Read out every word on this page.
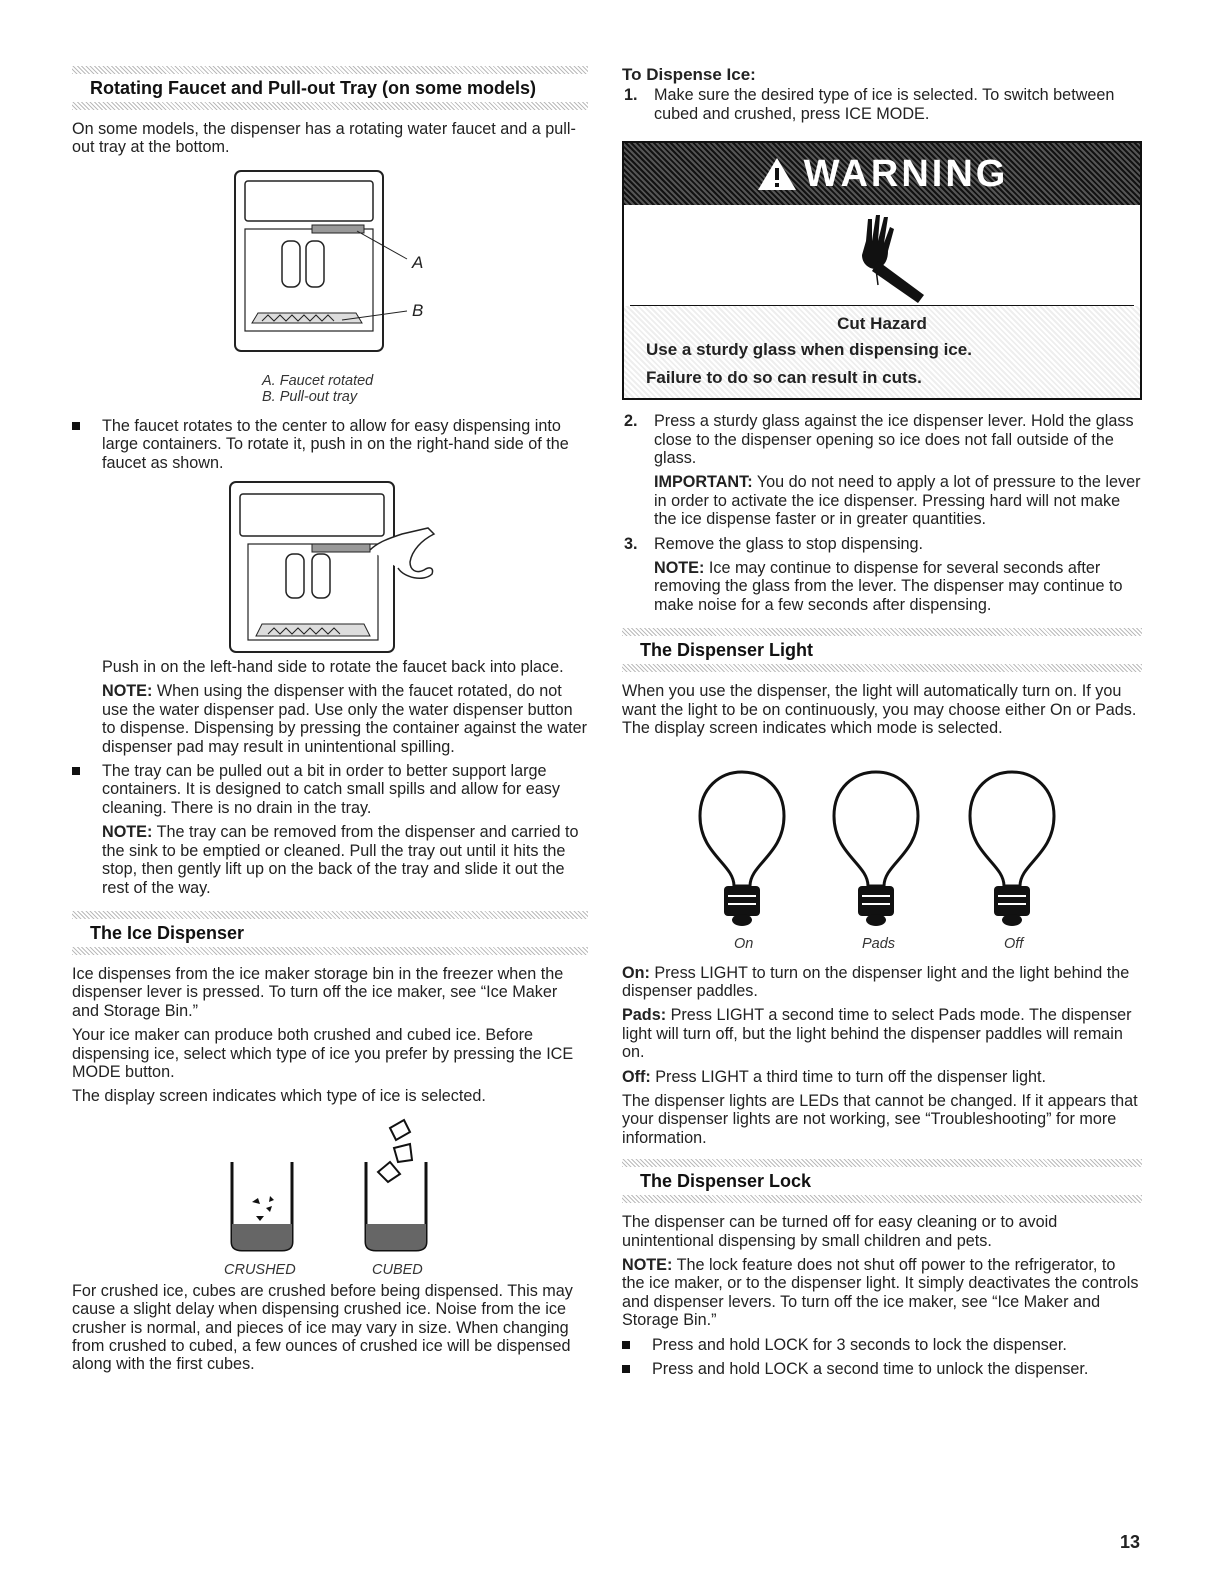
Rotating Faucet and Pull-out Tray (on some models)

On some models, the dispenser has a rotating water faucet and a pull-out tray at the bottom.

A
B
A. Faucet rotated
B. Pull-out tray

The faucet rotates to the center to allow for easy dispensing into large containers. To rotate it, push in on the right-hand side of the faucet as shown.

Push in on the left-hand side to rotate the faucet back into place.

NOTE: When using the dispenser with the faucet rotated, do not use the water dispenser pad. Use only the water dispenser button to dispense. Dispensing by pressing the container against the water dispenser pad may result in unintentional spilling.

The tray can be pulled out a bit in order to better support large containers. It is designed to catch small spills and allow for easy cleaning. There is no drain in the tray.

NOTE: The tray can be removed from the dispenser and carried to the sink to be emptied or cleaned. Pull the tray out until it hits the stop, then gently lift up on the back of the tray and slide it out the rest of the way.

The Ice Dispenser

Ice dispenses from the ice maker storage bin in the freezer when the dispenser lever is pressed. To turn off the ice maker, see “Ice Maker and Storage Bin.”

Your ice maker can produce both crushed and cubed ice. Before dispensing ice, select which type of ice you prefer by pressing the ICE MODE button.

The display screen indicates which type of ice is selected.

CRUSHED	CUBED

For crushed ice, cubes are crushed before being dispensed. This may cause a slight delay when dispensing crushed ice. Noise from the ice crusher is normal, and pieces of ice may vary in size. When changing from crushed to cubed, a few ounces of crushed ice will be dispensed along with the first cubes.

To Dispense Ice:

1. Make sure the desired type of ice is selected. To switch between cubed and crushed, press ICE MODE.

WARNING
Cut Hazard
Use a sturdy glass when dispensing ice.
Failure to do so can result in cuts.

2. Press a sturdy glass against the ice dispenser lever. Hold the glass close to the dispenser opening so ice does not fall outside of the glass.

IMPORTANT: You do not need to apply a lot of pressure to the lever in order to activate the ice dispenser. Pressing hard will not make the ice dispense faster or in greater quantities.

3. Remove the glass to stop dispensing.

NOTE: Ice may continue to dispense for several seconds after removing the glass from the lever. The dispenser may continue to make noise for a few seconds after dispensing.

The Dispenser Light

When you use the dispenser, the light will automatically turn on. If you want the light to be on continuously, you may choose either On or Pads. The display screen indicates which mode is selected.

On	Pads	Off

On: Press LIGHT to turn on the dispenser light and the light behind the dispenser paddles.

Pads: Press LIGHT a second time to select Pads mode. The dispenser light will turn off, but the light behind the dispenser paddles will remain on.

Off: Press LIGHT a third time to turn off the dispenser light.

The dispenser lights are LEDs that cannot be changed. If it appears that your dispenser lights are not working, see “Troubleshooting” for more information.

The Dispenser Lock

The dispenser can be turned off for easy cleaning or to avoid unintentional dispensing by small children and pets.

NOTE: The lock feature does not shut off power to the refrigerator, to the ice maker, or to the dispenser light. It simply deactivates the controls and dispenser levers. To turn off the ice maker, see “Ice Maker and Storage Bin.”

Press and hold LOCK for 3 seconds to lock the dispenser.

Press and hold LOCK a second time to unlock the dispenser.

13
